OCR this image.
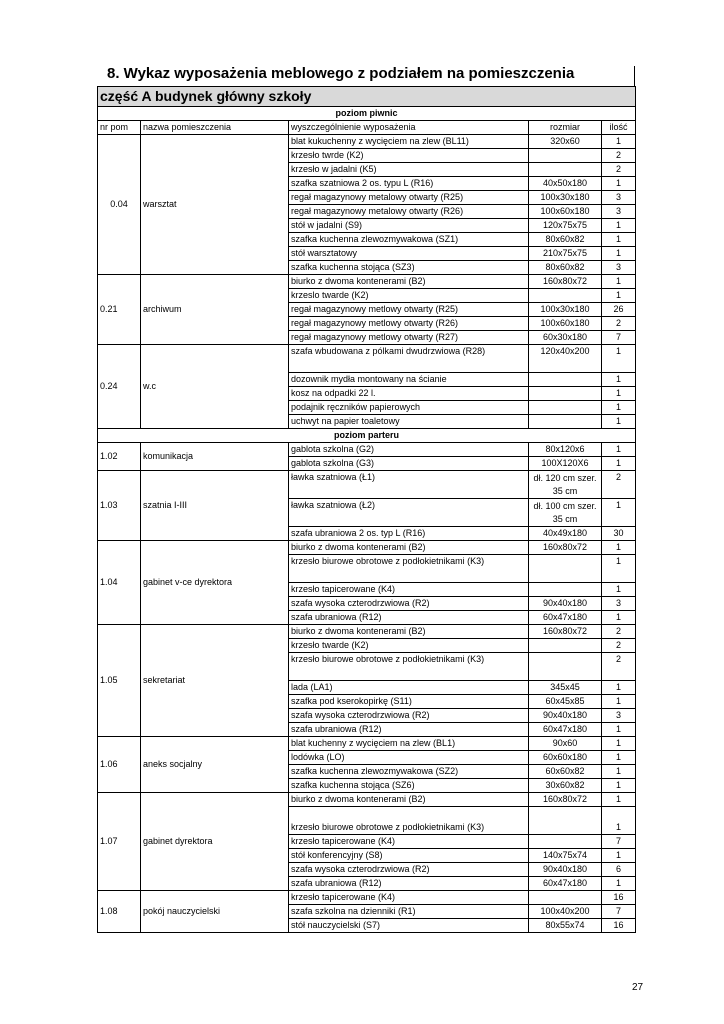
8. Wykaz wyposażenia meblowego z podziałem na pomieszczenia
część A budynek główny szkoły				
poziom piwnic				
nr pom	nazwa pomieszczenia	wyszczególnienie wyposażenia	rozmiar	ilość
0.04	warsztat	blat kukuchenny z wycięciem na zlew (BL11)	320x60	1
		krzesło twrde (K2)		2
		krzesło w jadalni (K5)		2
		szafka szatniowa 2 os. typu L (R16)	40x50x180	1
		regał magazynowy metalowy otwarty (R25)	100x30x180	3
		regał magazynowy metalowy otwarty (R26)	100x60x180	3
		stół w jadalni (S9)	120x75x75	1
		szafka kuchenna zlewozmywakowa (SZ1)	80x60x82	1
		stół warsztatowy	210x75x75	1
		szafka kuchenna stojąca (SZ3)	80x60x82	3
0.21	archiwum	biurko z dwoma kontenerami (B2)	160x80x72	1
		krzeslo twarde (K2)		1
		regał magazynowy metlowy otwarty (R25)	100x30x180	26
		regał magazynowy metlowy otwarty (R26)	100x60x180	2
		regał magazynowy metlowy otwarty (R27)	60x30x180	7
0.24	w.c	szafa wbudowana z pólkami dwudrzwiowa (R28)	120x40x200	1
		dozownik mydła montowany na ścianie		1
		kosz na odpadki 22 l.		1
		podajnik ręczników papierowych		1
		uchwyt na papier toaletowy		1
poziom parteru				
1.02	komunikacja	gablota szkolna (G2)	80x120x6	1
		gablota szkolna (G3)	100X120X6	1
1.03	szatnia I-III	ławka szatniowa (Ł1)	dł. 120 cm szer. 35 cm	2
		ławka szatniowa (Ł2)	dł. 100 cm szer. 35 cm	1
		szafa ubraniowa 2 os. typ L (R16)	40x49x180	30
1.04	gabinet v-ce dyrektora	biurko z dwoma kontenerami (B2)	160x80x72	1
		krzesło biurowe obrotowe z podłokietnikami (K3)		1
		krzesło tapicerowane (K4)		1
		szafa wysoka czterodrzwiowa (R2)	90x40x180	3
		szafa ubraniowa (R12)	60x47x180	1
1.05	sekretariat	biurko z dwoma kontenerami (B2)	160x80x72	2
		krzesło twarde (K2)		2
		krzesło biurowe obrotowe z podłokietnikami (K3)		2
		lada (LA1)	345x45	1
		szafka pod kserokopirkę (S11)	60x45x85	1
		szafa wysoka czterodrzwiowa (R2)	90x40x180	3
		szafa ubraniowa (R12)	60x47x180	1
1.06	aneks socjalny	blat kuchenny z wycięciem na zlew (BL1)	90x60	1
		lodówka (LO)	60x60x180	1
		szafka kuchenna zlewozmywakowa (SZ2)	60x60x82	1
		szafka kuchenna stojąca (SZ6)	30x60x82	1
1.07	gabinet dyrektora	biurko z dwoma kontenerami (B2)	160x80x72	1
		krzesło biurowe obrotowe z podłokietnikami (K3)		1
		krzesło tapicerowane (K4)		7
		stół konferencyjny (S8)	140x75x74	1
		szafa wysoka czterodrzwiowa (R2)	90x40x180	6
		szafa ubraniowa (R12)	60x47x180	1
1.08	pokój nauczycielski	krzesło tapicerowane (K4)		16
		szafa szkolna na dzienniki (R1)	100x40x200	7
		stół nauczycielski (S7)	80x55x74	16
27
